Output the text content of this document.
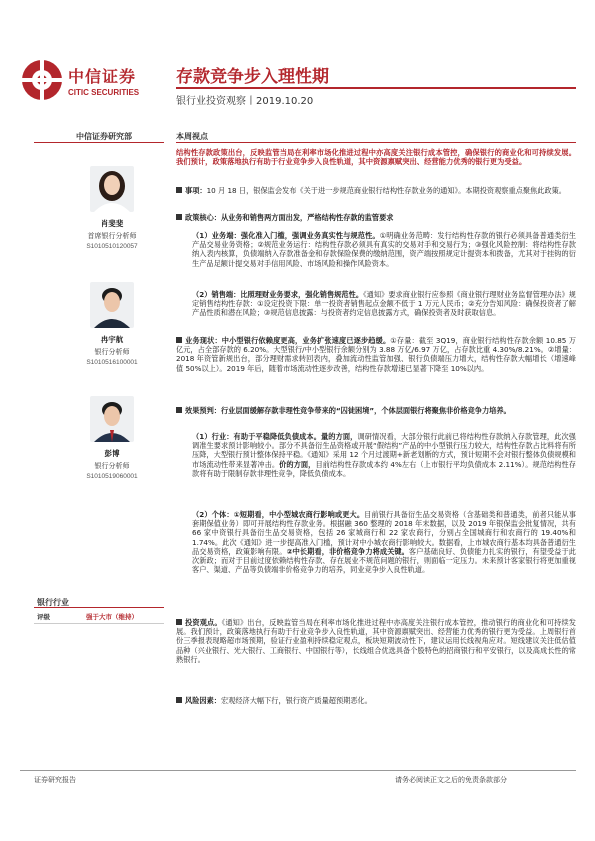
中信证券
CITIC SECURITIES
存款竞争步入理性期
银行业投资观察丨2019.10.20
中信证券研究部	本周视点
肖斐斐
首席银行分析师
S1010510120057
冉宇航
银行分析师
S1010516100001
彭博
银行分析师
S1010519060001
银行行业
评级	强于大市（维持）
结构性存款政策出台，反映监管当局在利率市场化推进过程中亦高度关注银行成本管控，确保银行的商业化和可持续发展。我们预计，政策落地执行有助于行业竞争步入良性轨道，其中资源禀赋突出、经营能力优秀的银行更为受益。
事项：10 月 18 日，银保监会发布《关于进一步规范商业银行结构性存款业务的通知》。本期投资观察重点聚焦此政策。
政策核心：从业务和销售两方面出发，严格结构性存款的监管要求
（1）业务端：强化准入门槛，强调业务真实性与规范性。①明确业务范畴：发行结构性存款的银行必须具备普通类衍生产品交易业务资格；②规范业务运行：结构性存款必须具有真实的交易对手和交易行为；③强化风险控制：将结构性存款纳入表内核算，负债端纳入存款准备金和存款保险保费的缴纳范围，资产端按照规定计提资本和拨备，尤其对于挂钩的衍生产品足额计提交易对手信用风险、市场风险和操作风险资本。
（2）销售端：比照理财业务要求，强化销售规范性。《通知》要求商业银行应参照《商业银行理财业务监督管理办法》规定销售结构性存款：①设定投资下限：单一投资者销售起点金额不低于 1 万元人民币；②充分告知风险：确保投资者了解产品性质和潜在风险；③规范信息披露：与投资者约定信息披露方式，确保投资者及时获取信息。
业务现状：中小型银行依赖度更高，业务扩张速度已逐步趋缓。①存量：截至 3Q19，商业银行结构性存款余额 10.85 万亿元，占全部存款的 6.20%。大型银行/中小型银行余额分别为 3.88 万亿/6.97 万亿，占存款比重 4.30%/8.21%。②增量：2018 年资管新规出台，部分理财需求转回表内，叠加流动性监管加强、银行负债端压力增大，结构性存款大幅增长（增速峰值 50%以上）。2019 年后，随着市场流动性逐步改善，结构性存款增速已显著下降至 10%以内。
效果预判：行业层面缓解存款非理性竞争带来的“囚徒困境”，个体层面银行将聚焦非价格竞争力培养。
（1）行业：有助于平稳降低负债成本。量的方面，调研情况看，大部分银行此前已将结构性存款纳入存款管理，此次强调准生要求预计影响较小。部分不具备衍生品资格或开展“假结构”产品的中小型银行压力较大，结构性存款占比料将有所压降，大型银行预计整体保持平稳。《通知》采用 12 个月过渡期+新老划断的方式，预计短期不会对银行整体负债规模和市场流动性带来显著冲击。价的方面，目前结构性存款成本约 4%左右（上市银行平均负债成本 2.11%）。规范结构性存款将有助于限制存款非理性竞争，降低负债成本。
（2）个体：①短期看，中小型城农商行影响或更大。目前银行具备衍生品交易资格（含基础类和普通类，前者只能从事套期保值业务）即可开展结构性存款业务。根据融 360 整理的 2018 年末数据，以及 2019 年银保监会批复情况，共有 66 家中资银行具备衍生品交易资格，包括 26 家城商行和 22 家农商行，分别占全国城商行和农商行的 19.40%和 1.74%。此次《通知》进一步提高准入门槛，预计对中小城农商行影响较大。数据看，上市城农商行基本均具备普通衍生品交易资格，政策影响有限。②中长期看，非价格竞争力将成关键。客户基础良好、负债能力扎实的银行，有望受益于此次新政；而对于目前过度依赖结构性存款、存在展业不规范问题的银行，则面临一定压力。未来预计客家银行将更加重视客户、渠道、产品等负债端非价格竞争力的培养，同业竞争步入良性轨道。
投资观点。《通知》出台，反映监管当局在利率市场化推进过程中亦高度关注银行成本管控，推动银行的商业化和可持续发展。我们预计，政策落地执行有助于行业竞争步入良性轨道，其中资源禀赋突出、经营能力优秀的银行更为受益。上周银行首份三季报表现略超市场预期，验证行业盈利持续稳定观点，板块短期波动性下，建议运用长线视角应对。短线建议关注低估值品种（兴业银行、光大银行、工商银行、中国银行等），长线组合优选具备个股特色的招商银行和平安银行，以及高成长性的常熟银行。
风险因素：宏观经济大幅下行，银行资产质量超预期恶化。
证券研究报告	请务必阅读正文之后的免责条款部分
